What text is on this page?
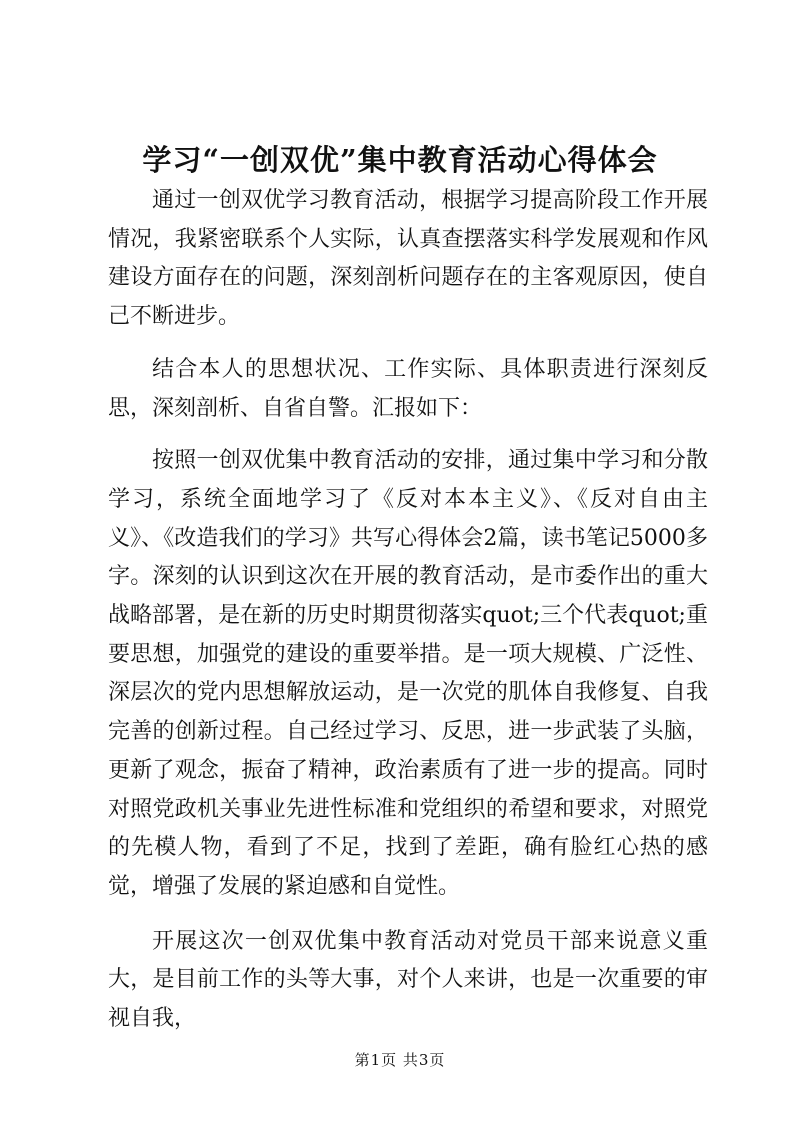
学习“一创双优”集中教育活动心得体会

通过一创双优学习教育活动，根据学习提高阶段工作开展情况，我紧密联系个人实际，认真查摆落实科学发展观和作风建设方面存在的问题，深刻剖析问题存在的主客观原因，使自己不断进步。

结合本人的思想状况、工作实际、具体职责进行深刻反思，深刻剖析、自省自警。汇报如下：

按照一创双优集中教育活动的安排，通过集中学习和分散学习，系统全面地学习了《反对本本主义》、《反对自由主义》、《改造我们的学习》共写心得体会2篇，读书笔记5000多字。深刻的认识到这次在开展的教育活动，是市委作出的重大战略部署，是在新的历史时期贯彻落实quot;三个代表quot;重要思想，加强党的建设的重要举措。是一项大规模、广泛性、深层次的党内思想解放运动，是一次党的肌体自我修复、自我完善的创新过程。自己经过学习、反思，进一步武装了头脑，更新了观念，振奋了精神，政治素质有了进一步的提高。同时对照党政机关事业先进性标准和党组织的希望和要求，对照党的先模人物，看到了不足，找到了差距，确有脸红心热的感觉，增强了发展的紧迫感和自觉性。

开展这次一创双优集中教育活动对党员干部来说意义重大，是目前工作的头等大事，对个人来讲，也是一次重要的审视自我，

第1页 共3页
